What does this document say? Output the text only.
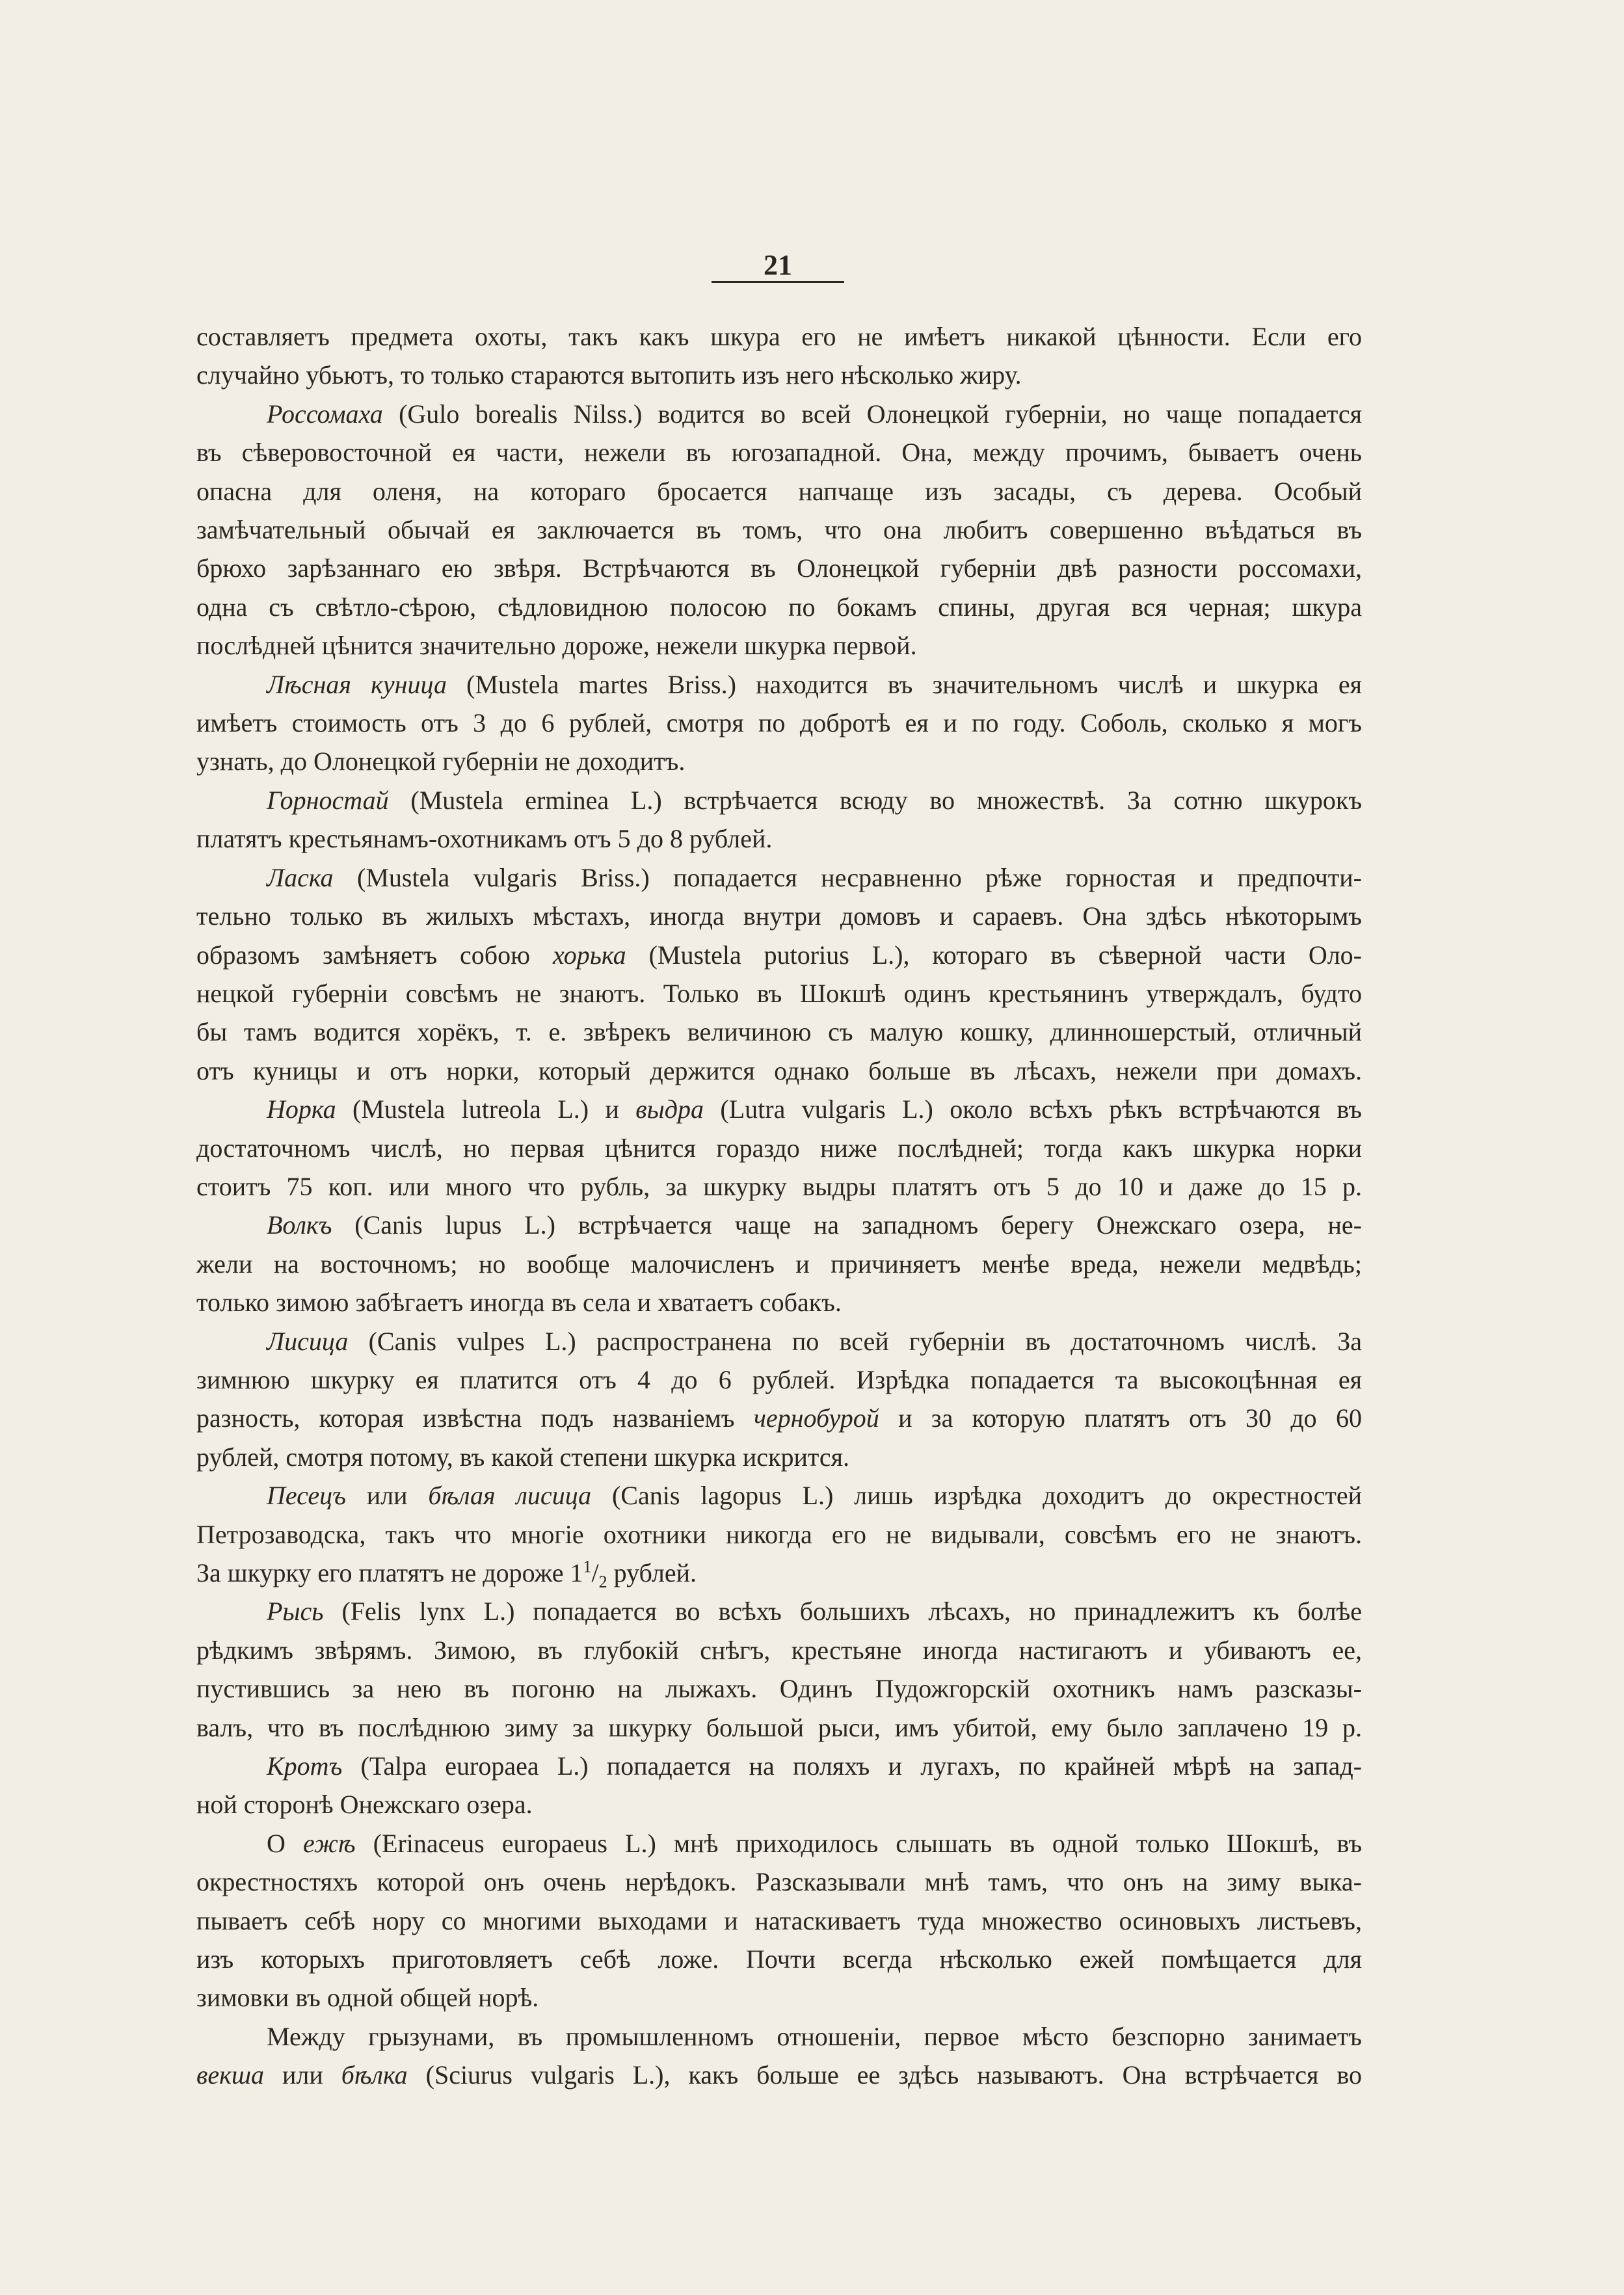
21

составляетъ предмета охоты, такъ какъ шкура его не имѣетъ никакой цѣнности. Если его

случайно убьютъ, то только стараются вытопить изъ него нѣсколько жиру.

Россомаха (Gulo borealis Nilss.) водится во всей Олонецкой губерніи, но чаще попадается

въ сѣверовосточной ея части, нежели въ югозападной. Она, между прочимъ, бываетъ очень

опасна для оленя, на котораго бросается напчаще изъ засады, съ дерева. Особый

замѣчательный обычай ея заключается въ томъ, что она любитъ совершенно въѣдаться въ

брюхо зарѣзаннаго ею звѣря. Встрѣчаются въ Олонецкой губерніи двѣ разности россомахи,

одна съ свѣтло-сѣрою, сѣдловидною полосою по бокамъ спины, другая вся черная; шкура

послѣдней цѣнится значительно дороже, нежели шкурка первой.

Лѣсная куница (Mustela martes Briss.) находится въ значительномъ числѣ и шкурка ея

имѣетъ стоимость отъ 3 до 6 рублей, смотря по добротѣ ея и по году. Соболь, сколько я могъ

узнать, до Олонецкой губерніи не доходитъ.

Горностай (Mustela erminea L.) встрѣчается всюду во множествѣ. За сотню шкурокъ

платятъ крестьянамъ-охотникамъ отъ 5 до 8 рублей.

Ласка (Mustela vulgaris Briss.) попадается несравненно рѣже горностая и предпочти-

тельно только въ жилыхъ мѣстахъ, иногда внутри домовъ и сараевъ. Она здѣсь нѣкоторымъ

образомъ замѣняетъ собою хорька (Mustela putorius L.), котораго въ сѣверной части Оло-

нецкой губерніи совсѣмъ не знаютъ. Только въ Шокшѣ одинъ крестьянинъ утверждалъ, будто

бы тамъ водится хорёкъ, т. е. звѣрекъ величиною съ малую кошку, длинношерстый, отличный

отъ куницы и отъ норки, который держится однако больше въ лѣсахъ, нежели при домахъ.

Норка (Mustela lutreola L.) и выдра (Lutra vulgaris L.) около всѣхъ рѣкъ встрѣчаются въ

достаточномъ числѣ, но первая цѣнится гораздо ниже послѣдней; тогда какъ шкурка норки

стоитъ 75 коп. или много что рубль, за шкурку выдры платятъ отъ 5 до 10 и даже до 15 р.

Волкъ (Canis lupus L.) встрѣчается чаще на западномъ берегу Онежскаго озера, не-

жели на восточномъ; но вообще малочисленъ и причиняетъ менѣе вреда, нежели медвѣдь;

только зимою забѣгаетъ иногда въ села и хватаетъ собакъ.

Лисица (Canis vulpes L.) распространена по всей губерніи въ достаточномъ числѣ. За

зимнюю шкурку ея платится отъ 4 до 6 рублей. Изрѣдка попадается та высокоцѣнная ея

разность, которая извѣстна подъ названіемъ чернобурой и за которую платятъ отъ 30 до 60

рублей, смотря потому, въ какой степени шкурка искрится.

Песецъ или бѣлая лисица (Canis lagopus L.) лишь изрѣдка доходитъ до окрестностей

Петрозаводска, такъ что многіе охотники никогда его не видывали, совсѣмъ его не знаютъ.

За шкурку его платятъ не дороже $1^1/_2$ рублей.

Рысь (Felis lynx L.) попадается во всѣхъ большихъ лѣсахъ, но принадлежитъ къ болѣе

рѣдкимъ звѣрямъ. Зимою, въ глубокій снѣгъ, крестьяне иногда настигаютъ и убиваютъ ее,

пустившись за нею въ погоню на лыжахъ. Одинъ Пудожгорскій охотникъ намъ разсказы-

валъ, что въ послѣднюю зиму за шкурку большой рыси, имъ убитой, ему было заплачено 19 р.

Кротъ (Talpa europaea L.) попадается на поляхъ и лугахъ, по крайней мѣрѣ на запад-

ной сторонѣ Онежскаго озера.

О ежѣ (Erinaceus europaeus L.) мнѣ приходилось слышать въ одной только Шокшѣ, въ

окрестностяхъ которой онъ очень нерѣдокъ. Разсказывали мнѣ тамъ, что онъ на зиму выка-

пываетъ себѣ нору со многими выходами и натаскиваетъ туда множество осиновыхъ листьевъ,

изъ которыхъ приготовляетъ себѣ ложе. Почти всегда нѣсколько ежей помѣщается для

зимовки въ одной общей норѣ.

Между грызунами, въ промышленномъ отношеніи, первое мѣсто безспорно занимаетъ

векша или бѣлка (Sciurus vulgaris L.), какъ больше ее здѣсь называютъ. Она встрѣчается во
